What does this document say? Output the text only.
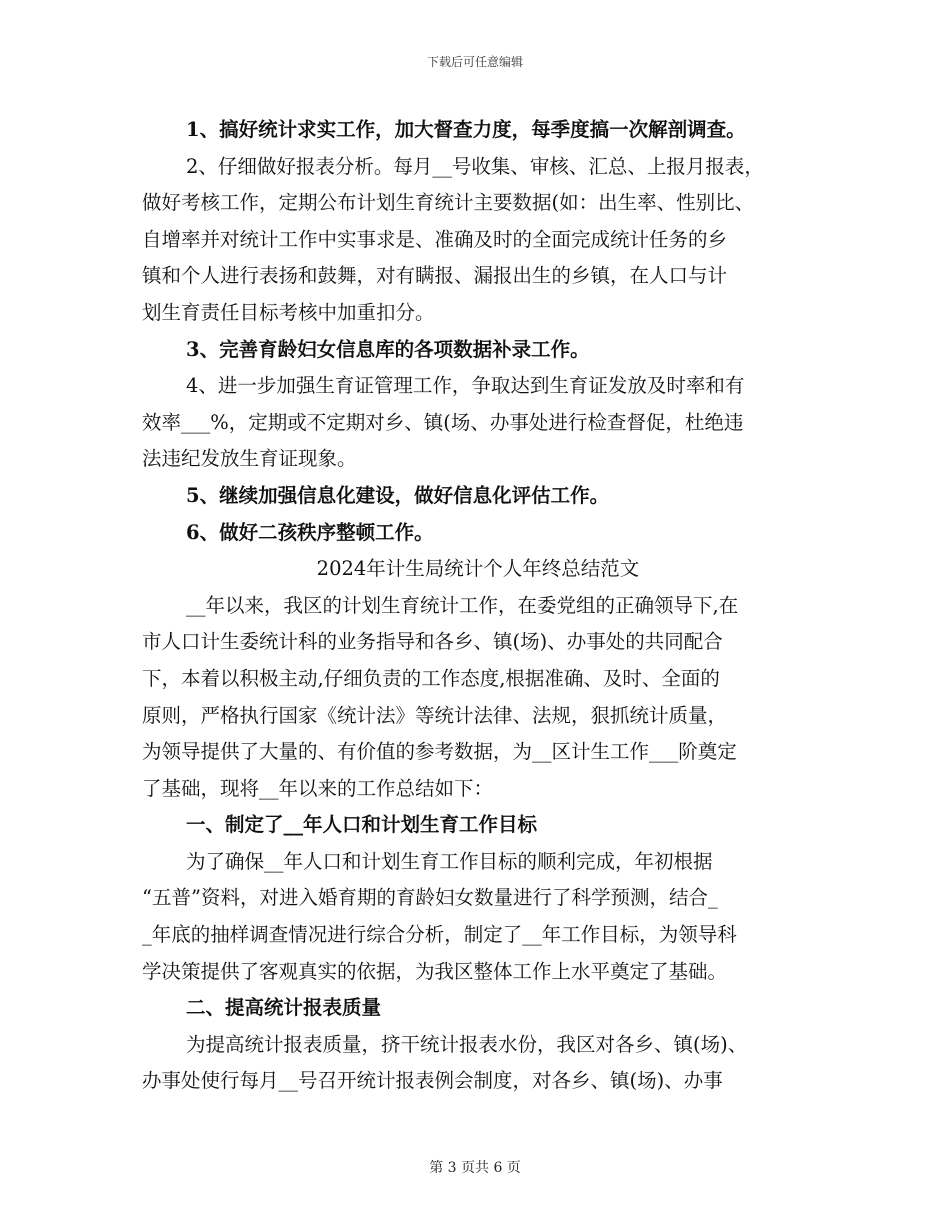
下载后可任意编辑
1、搞好统计求实工作，加大督查力度，每季度搞一次解剖调查。
2、仔细做好报表分析。每月__号收集、审核、汇总、上报月报表，
做好考核工作，定期公布计划生育统计主要数据(如：出生率、性别比、
自增率并对统计工作中实事求是、准确及时的全面完成统计任务的乡
镇和个人进行表扬和鼓舞，对有瞒报、漏报出生的乡镇，在人口与计
划生育责任目标考核中加重扣分。
3、完善育龄妇女信息库的各项数据补录工作。
4、进一步加强生育证管理工作，争取达到生育证发放及时率和有
效率___%，定期或不定期对乡、镇(场、办事处进行检查督促，杜绝违
法违纪发放生育证现象。
5、继续加强信息化建设，做好信息化评估工作。
6、做好二孩秩序整顿工作。
2024年计生局统计个人年终总结范文
__年以来，我区的计划生育统计工作，在委党组的正确领导下,在
市人口计生委统计科的业务指导和各乡、镇(场)、办事处的共同配合
下，本着以积极主动,仔细负责的工作态度,根据准确、及时、全面的
原则，严格执行国家《统计法》等统计法律、法规，狠抓统计质量，
为领导提供了大量的、有价值的参考数据，为__区计生工作___阶奠定
了基础，现将__年以来的工作总结如下：
一、制定了__年人口和计划生育工作目标
为了确保__年人口和计划生育工作目标的顺利完成，年初根据
“五普”资料，对进入婚育期的育龄妇女数量进行了科学预测，结合_
_年底的抽样调查情况进行综合分析，制定了__年工作目标，为领导科
学决策提供了客观真实的依据，为我区整体工作上水平奠定了基础。
二、提高统计报表质量
为提高统计报表质量，挤干统计报表水份，我区对各乡、镇(场)、
办事处使行每月__号召开统计报表例会制度，对各乡、镇(场)、办事
第 3 页共 6 页
